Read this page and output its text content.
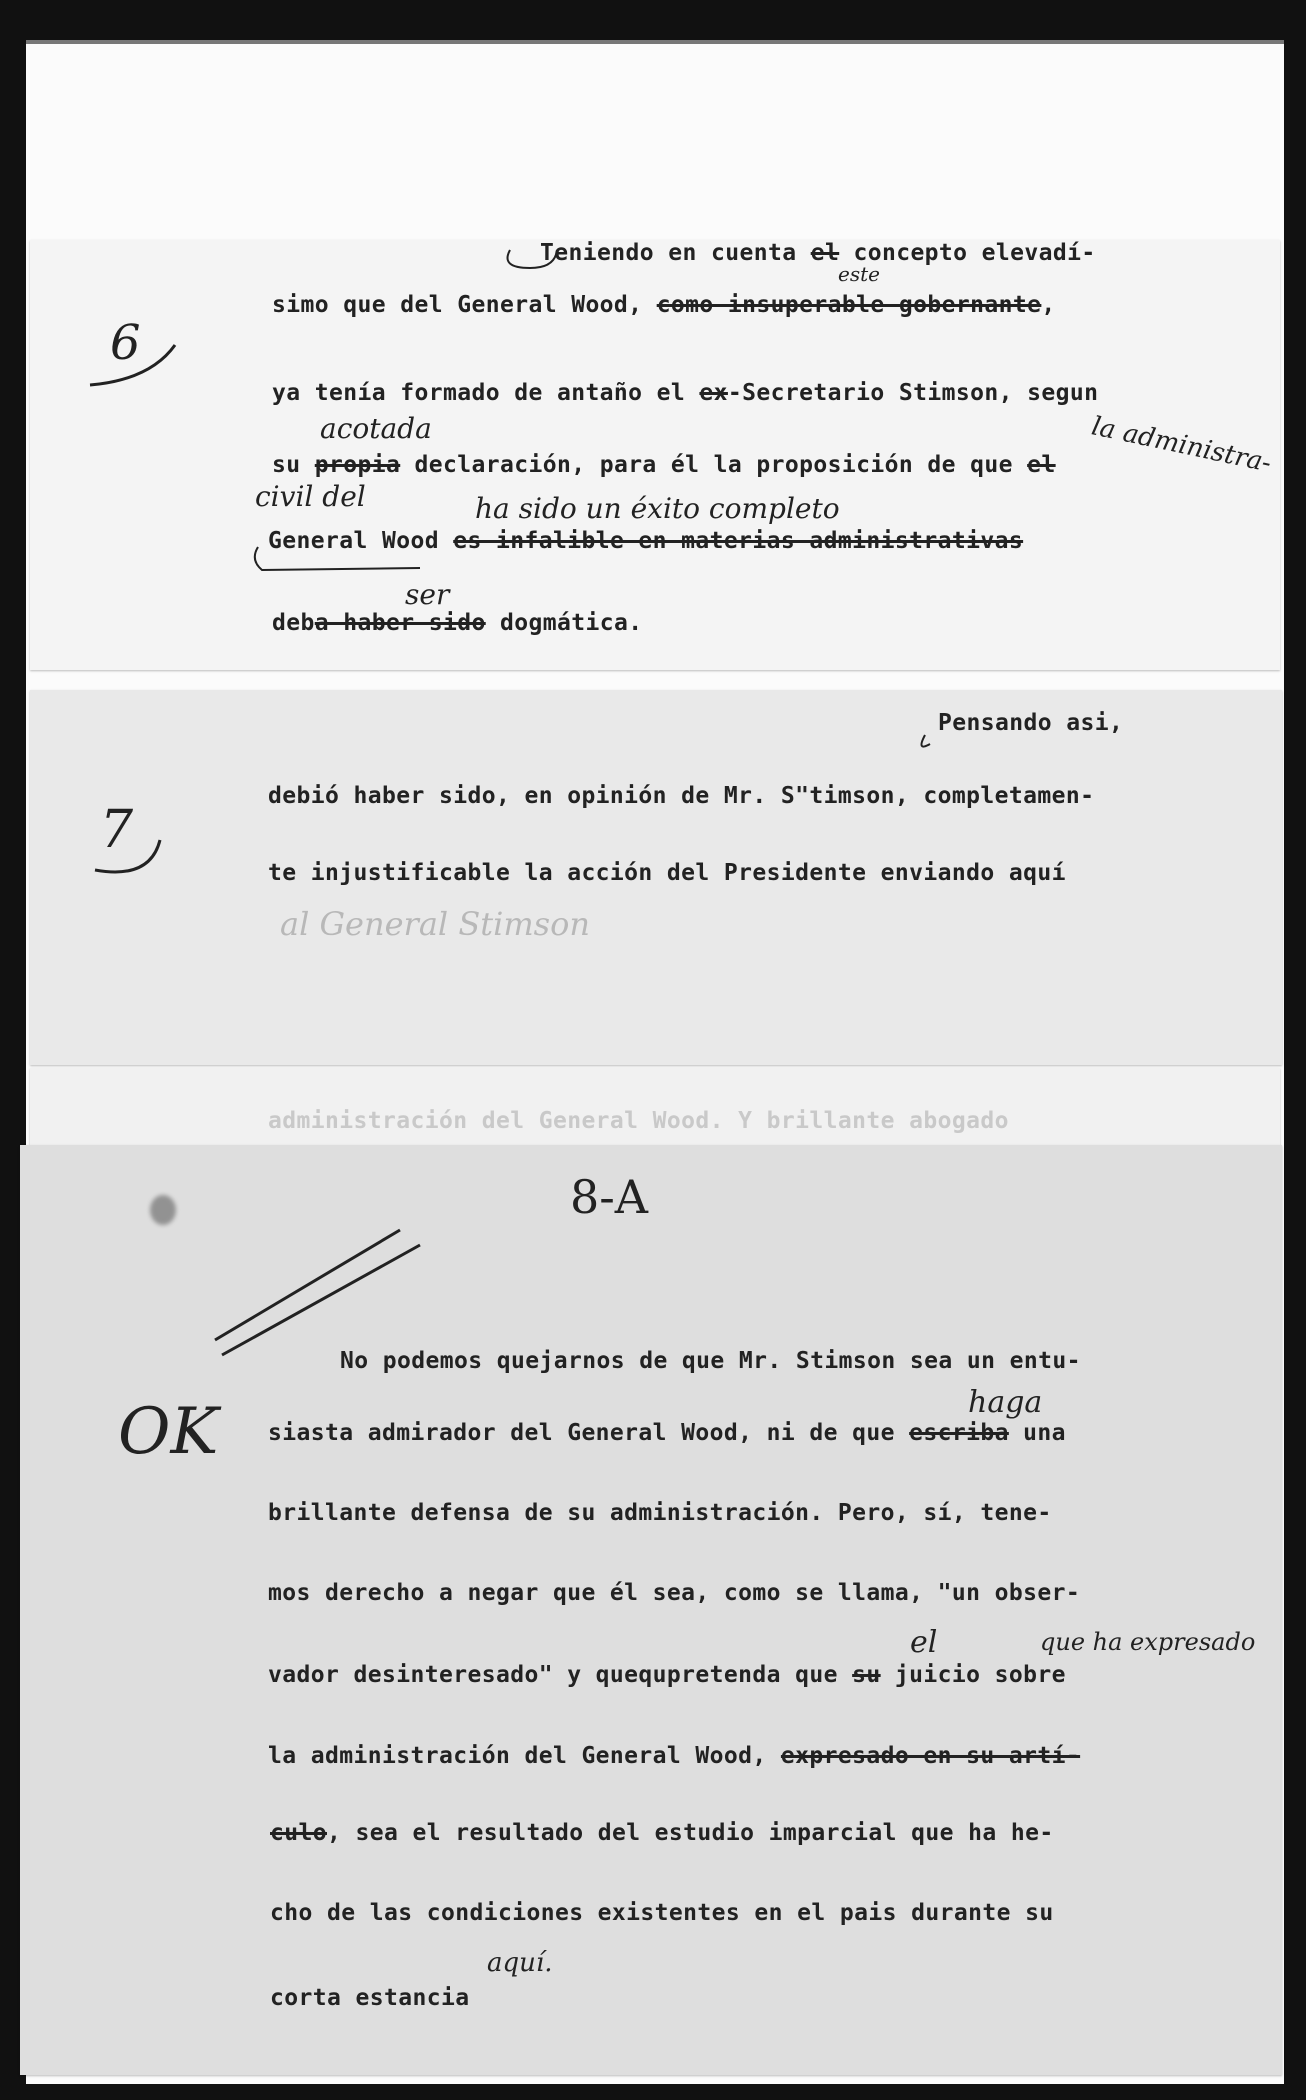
6
Teniendo en cuenta el concepto elevadí-
este
simo que del General Wood, como insuperable gobernante,
ya tenía formado de antaño el ex-Secretario Stimson, segun
acotada	la administra-
su propia declaración, para él la proposición de que el
civil del	ha sido un éxito completo
General Wood es infalible en materias administrativas
ser
deba haber sido dogmática.
7
Pensando asi,
debió haber sido, en opinión de Mr. S"timson, completamen-
te injustificable la acción del Presidente enviando aquí
al General Stimson
administración del General Wood. Y brillante abogado
8-A
OK
No podemos quejarnos de que Mr. Stimson sea un entu-
haga
siasta admirador del General Wood, ni de que escriba una
brillante defensa de su administración. Pero, sí, tene-
mos derecho a negar que él sea, como se llama, "un obser-
el	que ha expresado
vador desinteresado" y quequpretenda que su juicio sobre
la administración del General Wood, expresado en su artí-
culo, sea el resultado del estudio imparcial que ha he-
cho de las condiciones existentes en el pais durante su
aquí.
corta estancia
